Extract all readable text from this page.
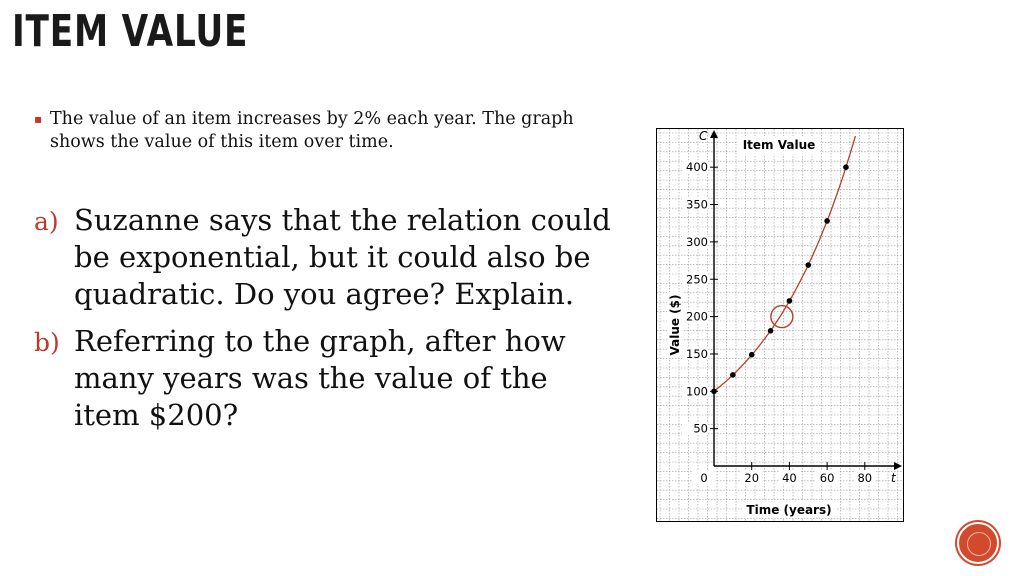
ITEM VALUE
▪ The value of an item increases by 2% each year. The graph shows the value of this item over time.
a) Suzanne says that the relation could be exponential, but it could also be quadratic. Do you agree? Explain.
b) Referring to the graph, after how many years was the value of the item $200?	50
100
150
200
250
300
350
400
0	20 40 60 80
Item Value
Time (years)
Value ($)
C
t
